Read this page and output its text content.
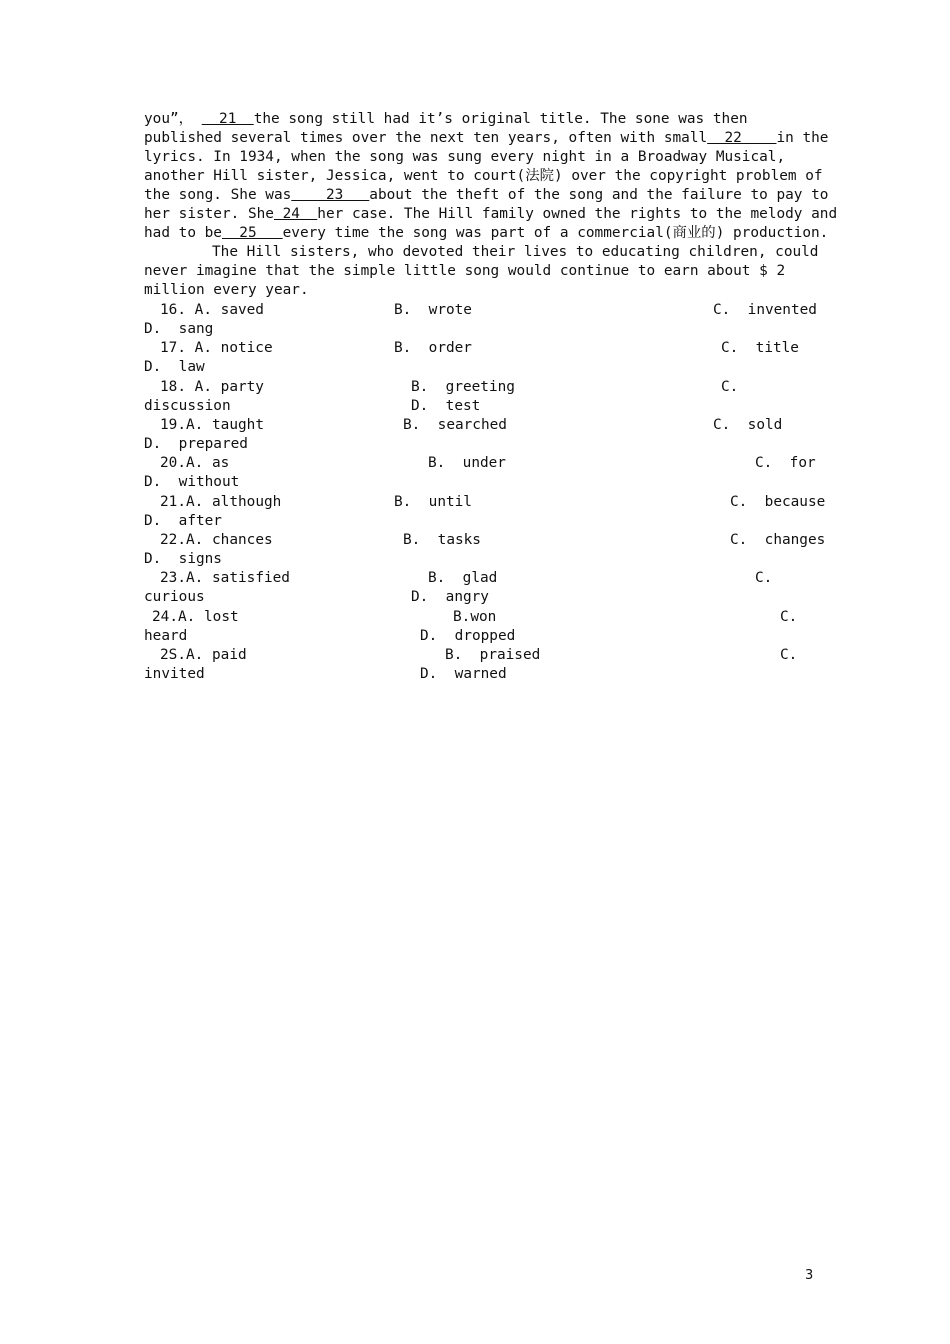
you”，   21  the song still had it’s original title. The sone was then
published several times over the next ten years, often with small  22    in the
lyrics. In 1934, when the song was sung every night in a Broadway Musical,
another Hill sister, Jessica, went to court(法院) over the copyright problem of
the song. She was    23   about the theft of the song and the failure to pay to
her sister. She 24  her case. The Hill family owned the rights to the melody and
had to be  25   every time the song was part of a commercial(商业的) production.
The Hill sisters, who devoted their lives to educating children, could
never imagine that the simple little song would continue to earn about $ 2
million every year.
16. A. saved	B.  wrote	C.  invented
D.  sang
17. A. notice	B.  order	C.  title
D.  law
18. A. party	B.  greeting	C.
discussion	D.  test
19.A. taught	B.  searched	C.  sold
D.  prepared
20.A. as	B.  under	C.  for
D.  without
21.A. although	B.  until	C.  because
D.  after
22.A. chances	B.  tasks	C.  changes
D.  signs
23.A. satisfied	B.  glad	C.
curious	D.  angry
24.A. lost	B.won	C.
heard	D.  dropped
2S.A. paid	B.  praised	C.
invited	D.  warned
3
